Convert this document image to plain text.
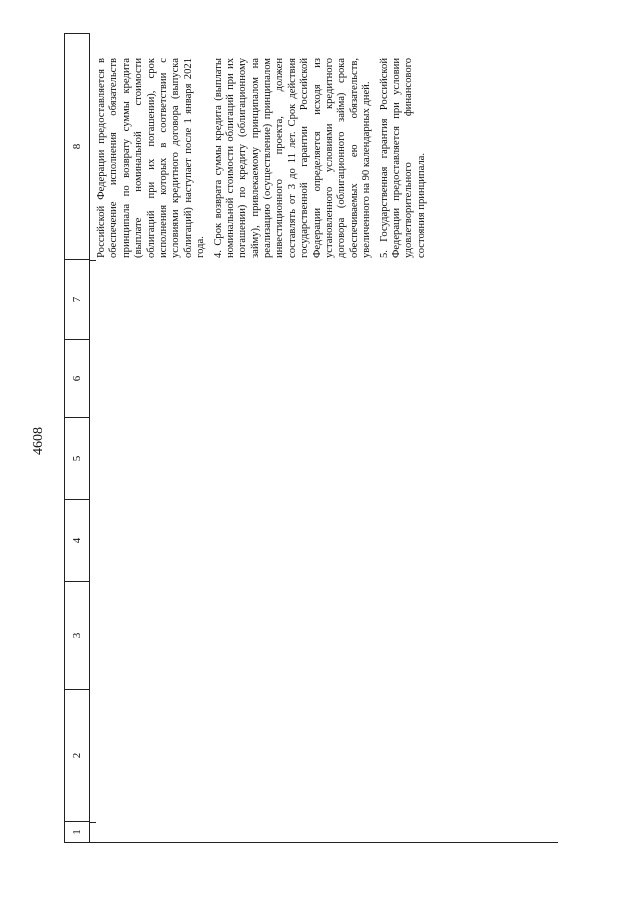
4608
1
2
3
4
5
6
7
8	Российской Федерации предоставляется в обеспечение исполнения обязательств принципала по возврату суммы кредита (выплате номинальной стоимости облигаций при их погашении), срок исполнения которых в соответствии с условиями кредитного договора (выпуска облигаций) наступает после 1 января 2021 года. 4. Срок возврата суммы кредита (выплаты номинальной стоимости облигаций при их погашении) по кредиту (облигационному займу), привлекаемому принципалом на реализацию (осуществление) принципалом инвестиционного проекта, должен составлять от 3 до 11 лет. Срок действия государственной гарантии Российской Федерации определяется исходя из установленного условиями кредитного договора (облигационного займа) срока обеспечиваемых ею обязательств, увеличенного на 90 календарных дней. 5. Государственная гарантия Российской Федерации предоставляется при условии удовлетворительного финансового состояния принципала.
